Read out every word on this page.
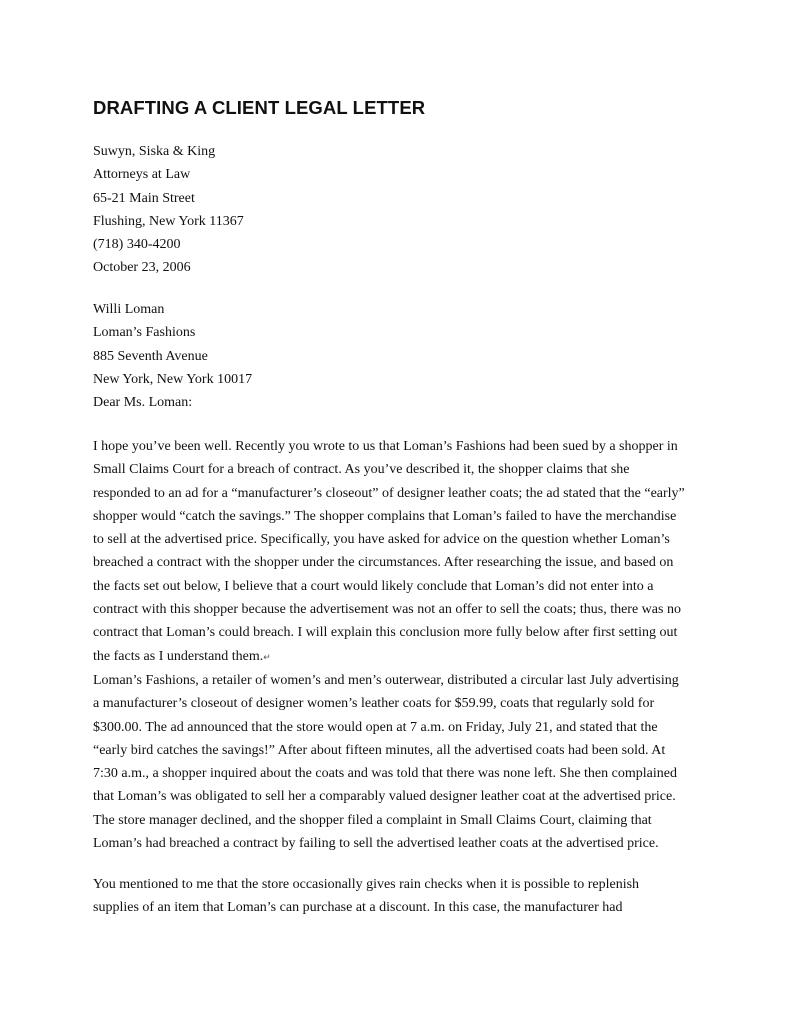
DRAFTING A CLIENT LEGAL LETTER
Suwyn, Siska & King
Attorneys at Law
65-21 Main Street
Flushing, New York 11367
(718) 340-4200
October 23, 2006
Willi Loman
Loman’s Fashions
885 Seventh Avenue
New York, New York 10017
Dear Ms. Loman:
I hope you’ve been well. Recently you wrote to us that Loman’s Fashions had been sued by a shopper in
Small Claims Court for a breach of contract. As you’ve described it, the shopper claims that she
responded to an ad for a “manufacturer’s closeout” of designer leather coats; the ad stated that the “early”
shopper would “catch the savings.” The shopper complains that Loman’s failed to have the merchandise
to sell at the advertised price. Specifically, you have asked for advice on the question whether Loman’s
breached a contract with the shopper under the circumstances. After researching the issue, and based on
the facts set out below, I believe that a court would likely conclude that Loman’s did not enter into a
contract with this shopper because the advertisement was not an offer to sell the coats; thus, there was no
contract that Loman’s could breach. I will explain this conclusion more fully below after first setting out
the facts as I understand them.↵
Loman’s Fashions, a retailer of women’s and men’s outerwear, distributed a circular last July advertising
a manufacturer’s closeout of designer women’s leather coats for $59.99, coats that regularly sold for
$300.00. The ad announced that the store would open at 7 a.m. on Friday, July 21, and stated that the
“early bird catches the savings!” After about fifteen minutes, all the advertised coats had been sold. At
7:30 a.m., a shopper inquired about the coats and was told that there was none left. She then complained
that Loman’s was obligated to sell her a comparably valued designer leather coat at the advertised price.
The store manager declined, and the shopper filed a complaint in Small Claims Court, claiming that
Loman’s had breached a contract by failing to sell the advertised leather coats at the advertised price.
You mentioned to me that the store occasionally gives rain checks when it is possible to replenish
supplies of an item that Loman’s can purchase at a discount. In this case, the manufacturer had
